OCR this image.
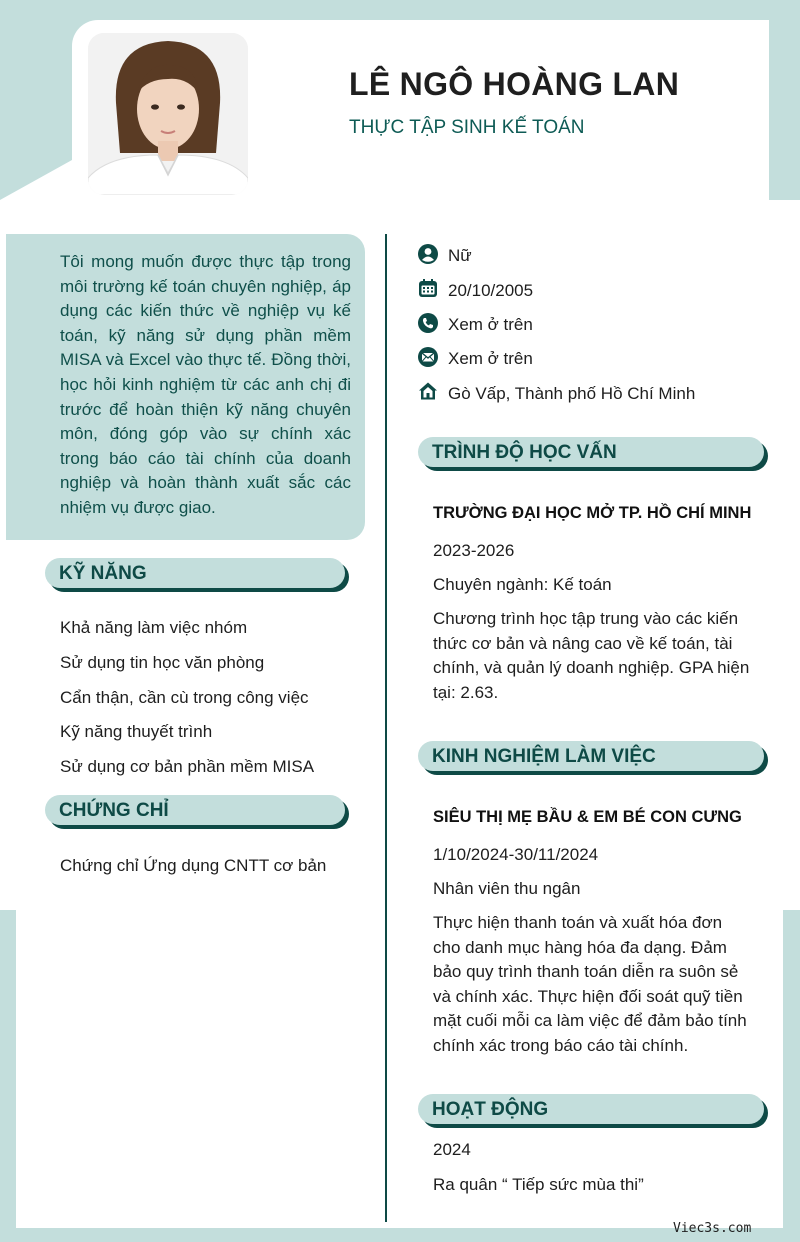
LÊ NGÔ HOÀNG LAN
THỰC TẬP SINH KẾ TOÁN

Tôi mong muốn được thực tập trong môi trường kế toán chuyên nghiệp, áp dụng các kiến thức về nghiệp vụ kế toán, kỹ năng sử dụng phần mềm MISA và Excel vào thực tế. Đồng thời, học hỏi kinh nghiệm từ các anh chị đi trước để hoàn thiện kỹ năng chuyên môn, đóng góp vào sự chính xác trong báo cáo tài chính của doanh nghiệp và hoàn thành xuất sắc các nhiệm vụ được giao.

Nữ
20/10/2005
Xem ở trên
Xem ở trên
Gò Vấp, Thành phố Hồ Chí Minh
KỸ NĂNG
Khả năng làm việc nhóm
Sử dụng tin học văn phòng
Cẩn thận, cần cù trong công việc
Kỹ năng thuyết trình
Sử dụng cơ bản phần mềm MISA
CHỨNG CHỈ
Chứng chỉ Ứng dụng CNTT cơ bản
TRÌNH ĐỘ HỌC VẤN
TRƯỜNG ĐẠI HỌC MỞ TP. HỒ CHÍ MINH
2023-2026
Chuyên ngành: Kế toán
Chương trình học tập trung vào các kiến thức cơ bản và nâng cao về kế toán, tài chính, và quản lý doanh nghiệp. GPA hiện tại: 2.63.
KINH NGHIỆM LÀM VIỆC
SIÊU THỊ MẸ BẦU & EM BÉ CON CƯNG
1/10/2024-30/11/2024
Nhân viên thu ngân
Thực hiện thanh toán và xuất hóa đơn cho danh mục hàng hóa đa dạng. Đảm bảo quy trình thanh toán diễn ra suôn sẻ và chính xác. Thực hiện đối soát quỹ tiền mặt cuối mỗi ca làm việc để đảm bảo tính chính xác trong báo cáo tài chính.
HOẠT ĐỘNG
2024
Ra quân “ Tiếp sức mùa thi”
Viec3s.com
